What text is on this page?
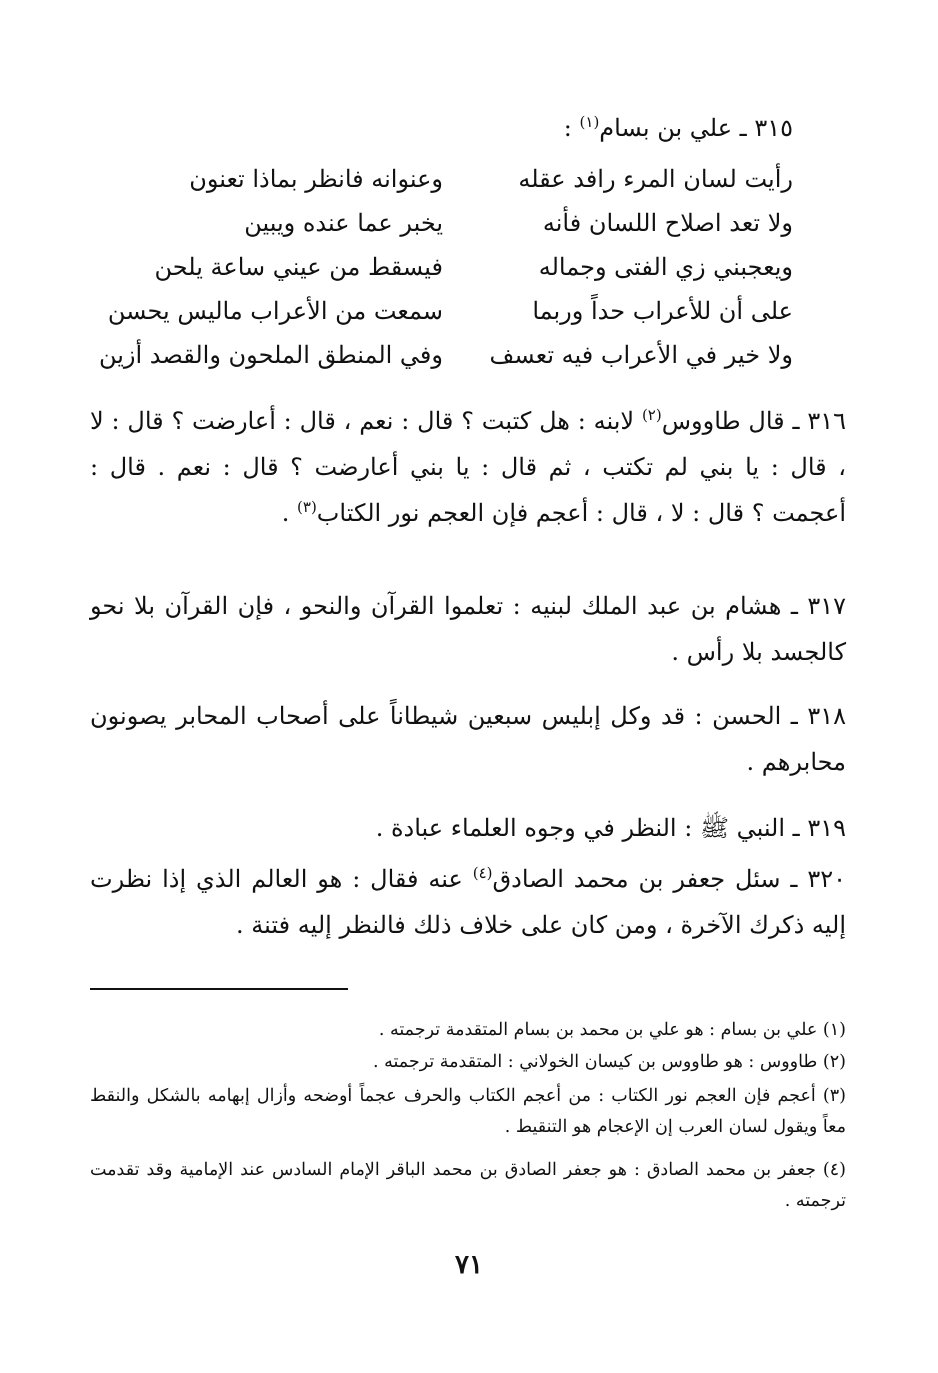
٣١٥ ـ علي بن بسام$^{(١)}$ :
رأيت لسان المرء رافد عقله
وعنوانه فانظر بماذا تعنون
ولا تعد اصلاح اللسان فأنه
يخبر عما عنده ويبين
ويعجبني زي الفتى وجماله
فيسقط من عيني ساعة يلحن
على أن للأعراب حداً وربما
سمعت من الأعراب ماليس يحسن
ولا خير في الأعراب فيه تعسف
وفي المنطق الملحون والقصد أزين
٣١٦ ـ قال طاووس$^{(٢)}$ لابنه : هل كتبت ؟ قال : نعم ، قال : أعارضت ؟ قال : لا ، قال : يا بني لم تكتب ، ثم قال : يا بني أعارضت ؟ قال : نعم . قال : أعجمت ؟ قال : لا ، قال : أعجم فإن العجم نور الكتاب$^{(٣)}$ .
٣١٧ ـ هشام بن عبد الملك لبنيه : تعلموا القرآن والنحو ، فإن القرآن بلا نحو كالجسد بلا رأس .
٣١٨ ـ الحسن : قد وكل إبليس سبعين شيطاناً على أصحاب المحابر يصونون محابرهم .
٣١٩ ـ النبي ﷺ : النظر في وجوه العلماء عبادة .
٣٢٠ ـ سئل جعفر بن محمد الصادق$^{(٤)}$ عنه فقال : هو العالم الذي إذا نظرت إليه ذكرك الآخرة ، ومن كان على خلاف ذلك فالنظر إليه فتنة .
(١) علي بن بسام : هو علي بن محمد بن بسام المتقدمة ترجمته .
(٢) طاووس : هو طاووس بن كيسان الخولاني : المتقدمة ترجمته .
(٣) أعجم فإن العجم نور الكتاب : من أعجم الكتاب والحرف عجماً أوضحه وأزال إبهامه بالشكل والنقط معاً ويقول لسان العرب إن الإعجام هو التنقيط .
(٤) جعفر بن محمد الصادق : هو جعفر الصادق بن محمد الباقر الإمام السادس عند الإمامية وقد تقدمت ترجمته .
٧١
